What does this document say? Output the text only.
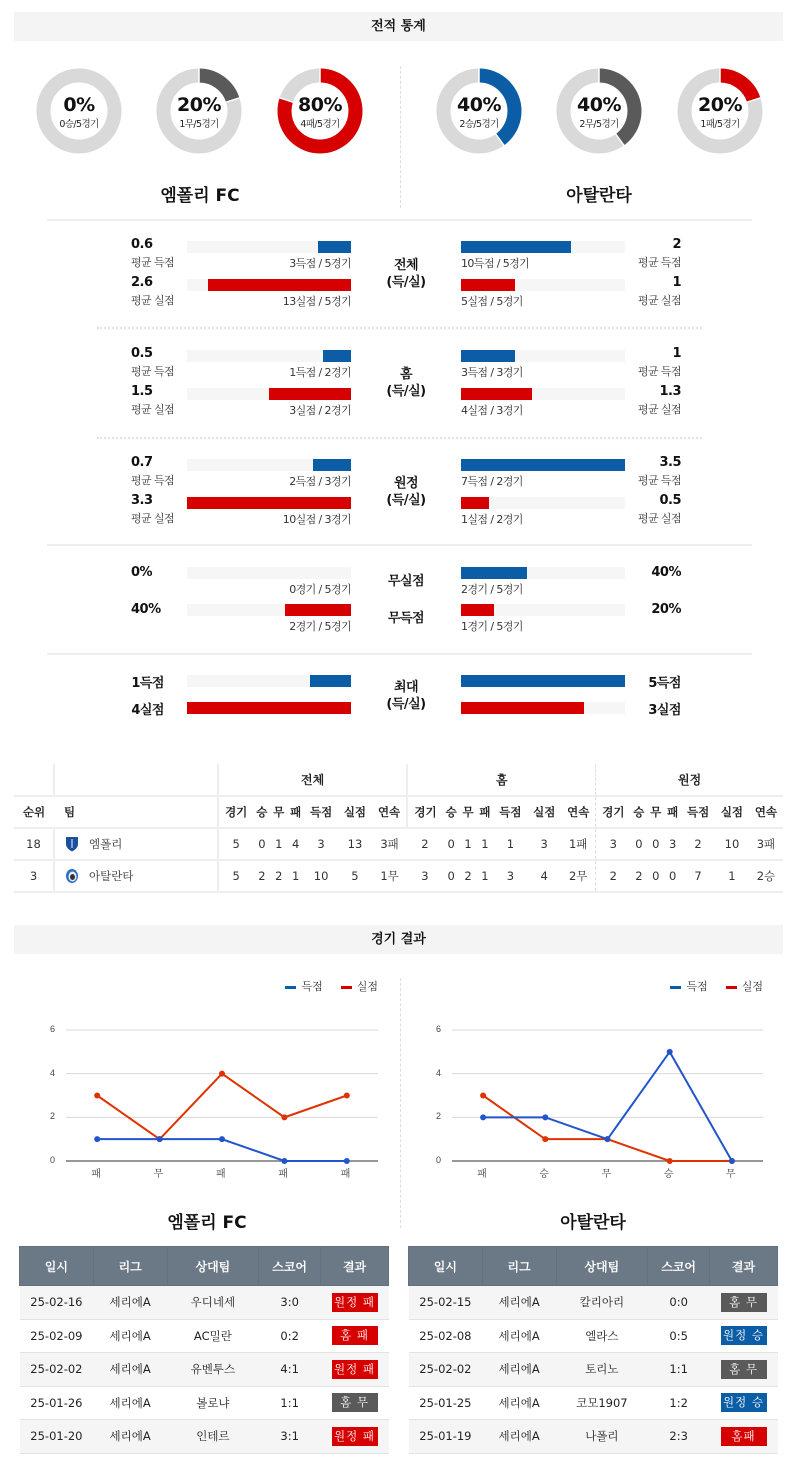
전적 통계
0%
0승/5경기
20%
1무/5경기
80%
4패/5경기
40%
2승/5경기
40%
2무/5경기
20%
1패/5경기
엠폴리 FC	아탈란타
0.6
평균 득점	3득점 / 5경기
2.6
평균 실점	13실점 / 5경기
전체
(득/실)
10득점 / 5경기
2
평균 득점
5실점 / 5경기
1
평균 실점
0.5
평균 득점	1득점 / 2경기
1.5
평균 실점	3실점 / 2경기
홈
(득/실)
3득점 / 3경기
1
평균 득점
4실점 / 3경기
1.3
평균 실점
0.7
평균 득점	2득점 / 3경기
3.3
평균 실점	10실점 / 3경기
원정
(득/실)
7득점 / 2경기
3.5
평균 득점
1실점 / 2경기
0.5
평균 실점
0%
0경기 / 5경기
무실점
2경기 / 5경기
40%
40%
2경기 / 5경기
무득점
1경기 / 5경기
20%
1득점
4실점
최대
(득/실)
5득점
3실점
		전체							홈							원정						
순위	팀	경기	승	무	패	득점	실점	연속	경기	승	무	패	득점	실점	연속	경기	승	무	패	득점	실점	연속
18	엠폴리	5	0	1	4	3	13	3패	2	0	1	1	1	3	1패	3	0	0	3	2	10	3패
3	아탈란타	5	2	2	1	10	5	1무	3	0	2	1	3	4	2무	2	2	0	0	7	1	2승
경기 결과
득점	실점
0
2
4
6
패	무	패	패	패
득점	실점
0
2
4
6
패	승	무	승	무
엠폴리 FC	아탈란타
일시	리그	상대팀	스코어	결과
25-02-16	세리에A	우디네세	3:0	원정 패
25-02-09	세리에A	AC밀란	0:2	홈 패
25-02-02	세리에A	유벤투스	4:1	원정 패
25-01-26	세리에A	볼로냐	1:1	홈 무
25-01-20	세리에A	인테르	3:1	원정 패
일시	리그	상대팀	스코어	결과
25-02-15	세리에A	칼리아리	0:0	홈 무
25-02-08	세리에A	엘라스	0:5	원정 승
25-02-02	세리에A	토리노	1:1	홈 무
25-01-25	세리에A	코모1907	1:2	원정 승
25-01-19	세리에A	나폴리	2:3	홈패
